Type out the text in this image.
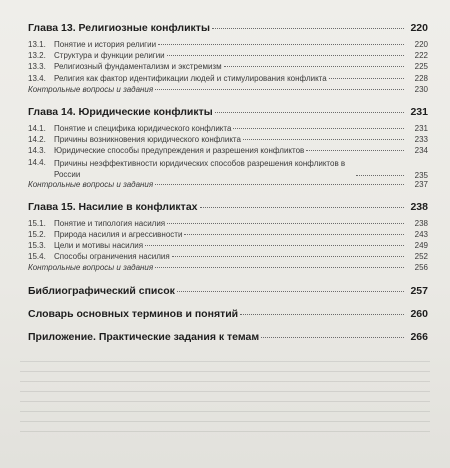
Глава 13. Религиозные конфликты	220
13.1.	Понятие и история религии	220
13.2.	Структура и функции религии	222
13.3.	Религиозный фундаментализм и экстремизм	225
13.4.	Религия как фактор идентификации людей и стимулирования конфликта	228
Контрольные вопросы и задания	230
Глава 14. Юридические конфликты	231
14.1.	Понятие и специфика юридического конфликта	231
14.2.	Причины возникновения юридического конфликта	233
14.3.	Юридические способы предупреждения и разрешения конфликтов	234
14.4.	Причины неэффективности юридических способов разрешения конфликтов в России	235
Контрольные вопросы и задания	237
Глава 15. Насилие в конфликтах	238
15.1.	Понятие и типология насилия	238
15.2.	Природа насилия и агрессивности	243
15.3.	Цели и мотивы насилия	249
15.4.	Способы ограничения насилия	252
Контрольные вопросы и задания	256
Библиографический список	257
Словарь основных терминов и понятий	260
Приложение. Практические задания к темам	266
